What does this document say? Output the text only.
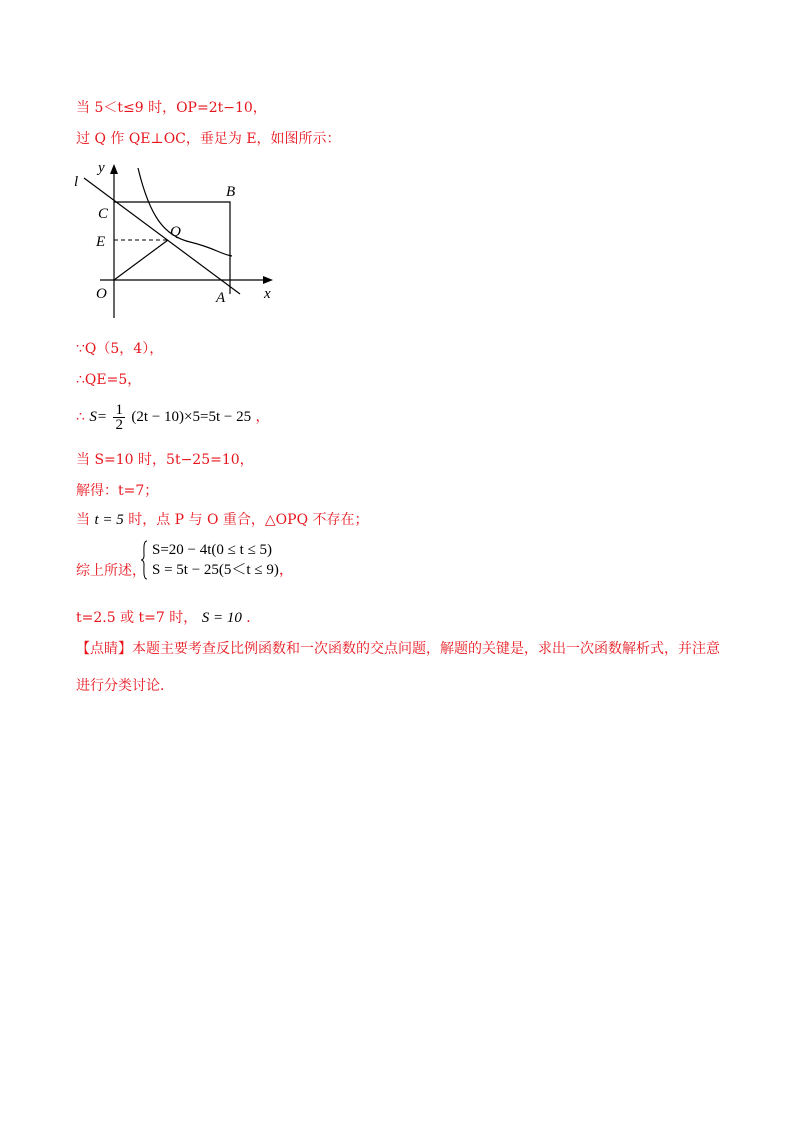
当 5＜t≤9 时，OP=2t−10，
过 Q 作 QE⊥OC，垂足为 E，如图所示：
y
l
B
C
Q
E
O	A	x
∵Q（5，4），
∴QE=5，
∴ $S= \frac{1}{2} (2t - 10)\times 5=5t - 25$ ，
当 S=10 时，5t−25=10，
解得：t=7；
当 t = 5 时，点 P 与 O 重合，△OPQ 不存在；
综上所述，
S=20 − 4t(0 ≤ t ≤ 5)
S = 5t − 25(5＜t ≤ 9)，
t=2.5 或 t=7 时， S = 10 ．
【点睛】本题主要考查反比例函数和一次函数的交点问题，解题的关键是，求出一次函数解析式，并注意
进行分类讨论．
